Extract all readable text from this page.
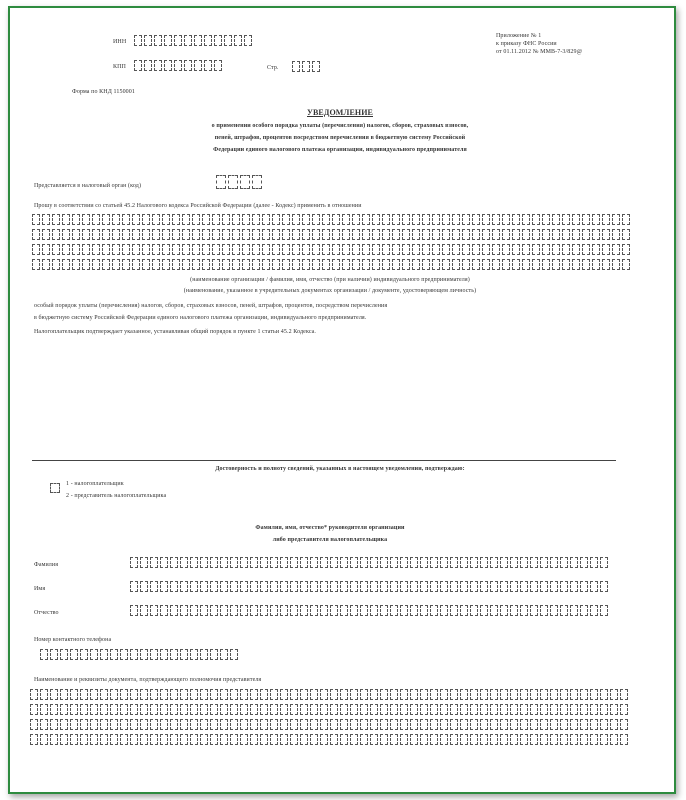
ИНН
КПП	Стр.
Приложение № 1
к приказу ФНС России
от 01.11.2012 № ММВ-7-3/829@
Форма по КНД 1150001
УВЕДОМЛЕНИЕ
о применении особого порядка уплаты (перечисления) налогов, сборов, страховых взносов,
пеней, штрафов, процентов посредством перечисления в бюджетную систему Российской
Федерации единого налогового платежа организации, индивидуального предпринимателя
Представляется в налоговый орган (код)
Прошу в соответствии со статьей 45.2 Налогового кодекса Российской Федерации (далее - Кодекс) применить в отношении
(наименование организации / фамилия, имя, отчество (при наличии) индивидуального предпринимателя)
(наименование, указанное в учредительных документах организации / документе, удостоверяющем личность)
особый порядок уплаты (перечисления) налогов, сборов, страховых взносов, пеней, штрафов, процентов, посредством перечисления
в бюджетную систему Российской Федерации единого налогового платежа организации, индивидуального предпринимателя.
Налогоплательщик подтверждает указанное, устанавливая общий порядок в пункте 1 статьи 45.2 Кодекса.
Достоверность и полноту сведений, указанных в настоящем уведомлении, подтверждаю:
1 - налогоплательщик
2 - представитель налогоплательщика
Фамилия, имя, отчество* руководителя организации
либо представителя налогоплательщика
Фамилия
Имя
Отчество
Номер контактного телефона
Наименование и реквизиты документа, подтверждающего полномочия представителя
